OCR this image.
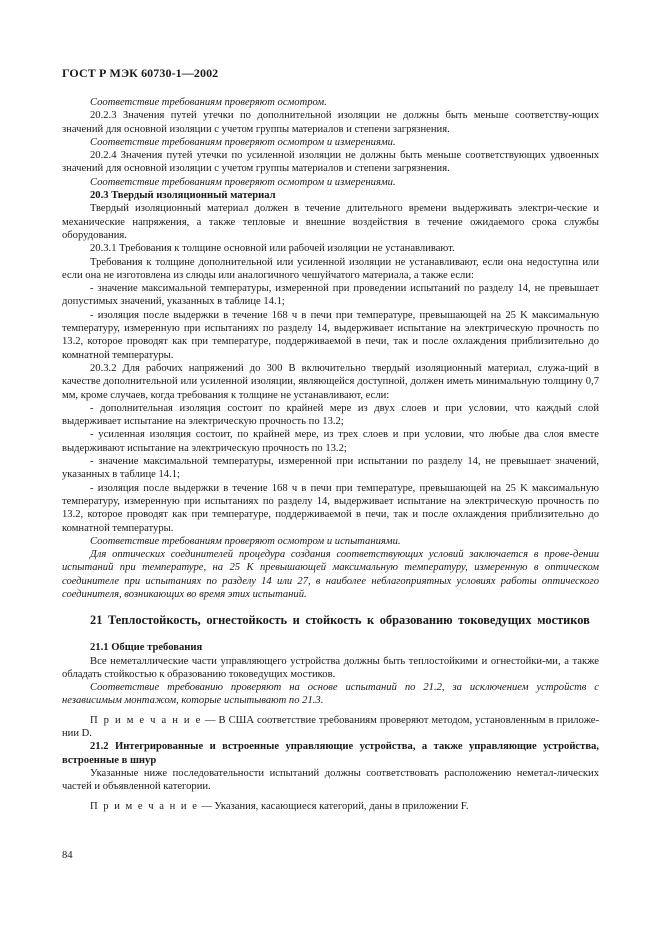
ГОСТ Р МЭК 60730-1—2002

Соответствие требованиям проверяют осмотром.

20.2.3 Значения путей утечки по дополнительной изоляции не должны быть меньше соответству-ющих значений для основной изоляции с учетом группы материалов и степени загрязнения.

Соответствие требованиям проверяют осмотром и измерениями.

20.2.4 Значения путей утечки по усиленной изоляции не должны быть меньше соответствующих удвоенных значений для основной изоляции с учетом группы материалов и степени загрязнения.

Соответствие требованиям проверяют осмотром и измерениями.

20.3 Твердый изоляционный материал

Твердый изоляционный материал должен в течение длительного времени выдерживать электри-ческие и механические напряжения, а также тепловые и внешние воздействия в течение ожидаемого срока службы оборудования.

20.3.1 Требования к толщине основной или рабочей изоляции не устанавливают.

Требования к толщине дополнительной или усиленной изоляции не устанавливают, если она недоступна или если она не изготовлена из слюды или аналогичного чешуйчатого материала, а также если:

- значение максимальной температуры, измеренной при проведении испытаний по разделу 14, не превышает допустимых значений, указанных в таблице 14.1;

- изоляция после выдержки в течение 168 ч в печи при температуре, превышающей на 25 K максимальную температуру, измеренную при испытаниях по разделу 14, выдерживает испытание на электрическую прочность по 13.2, которое проводят как при температуре, поддерживаемой в печи, так и после охлаждения приблизительно до комнатной температуры.

20.3.2 Для рабочих напряжений до 300 В включительно твердый изоляционный материал, служа-щий в качестве дополнительной или усиленной изоляции, являющейся доступной, должен иметь минимальную толщину 0,7 мм, кроме случаев, когда требования к толщине не устанавливают, если:

- дополнительная изоляция состоит по крайней мере из двух слоев и при условии, что каждый слой выдерживает испытание на электрическую прочность по 13.2;

- усиленная изоляция состоит, по крайней мере, из трех слоев и при условии, что любые два слоя вместе выдерживают испытание на электрическую прочность по 13.2;

- значение максимальной температуры, измеренной при испытании по разделу 14, не превышает значений, указанных в таблице 14.1;

- изоляция после выдержки в течение 168 ч в печи при температуре, превышающей на 25 K максимальную температуру, измеренную при испытаниях по разделу 14, выдерживает испытание на электрическую прочность по 13.2, которое проводят как при температуре, поддерживаемой в печи, так и после охлаждения приблизительно до комнатной температуры.

Соответствие требованиям проверяют осмотром и испытаниями.

Для оптических соединителей процедура создания соответствующих условий заключается в прове-дении испытаний при температуре, на 25 K превышающей максимальную температуру, измеренную в оптическом соединителе при испытаниях по разделу 14 или 27, в наиболее неблагоприятных условиях работы оптического соединителя, возникающих во время этих испытаний.

21 Теплостойкость, огнестойкость и стойкость к образованию токоведущих мостиков

21.1 Общие требования

Все неметаллические части управляющего устройства должны быть теплостойкими и огнестойки-ми, а также обладать стойкостью к образованию токоведущих мостиков.

Соответствие требованию проверяют на основе испытаний по 21.2, за исключением устройств с независимым монтажом, которые испытывают по 21.3.

П р и м е ч а н и е — В США соответствие требованиям проверяют методом, установленным в приложе-нии D.

21.2 Интегрированные и встроенные управляющие устройства, а также управляющие устройства, встроенные в шнур

Указанные ниже последовательности испытаний должны соответствовать расположению неметал-лических частей и объявленной категории.

П р и м е ч а н и е — Указания, касающиеся категорий, даны в приложении F.

84
